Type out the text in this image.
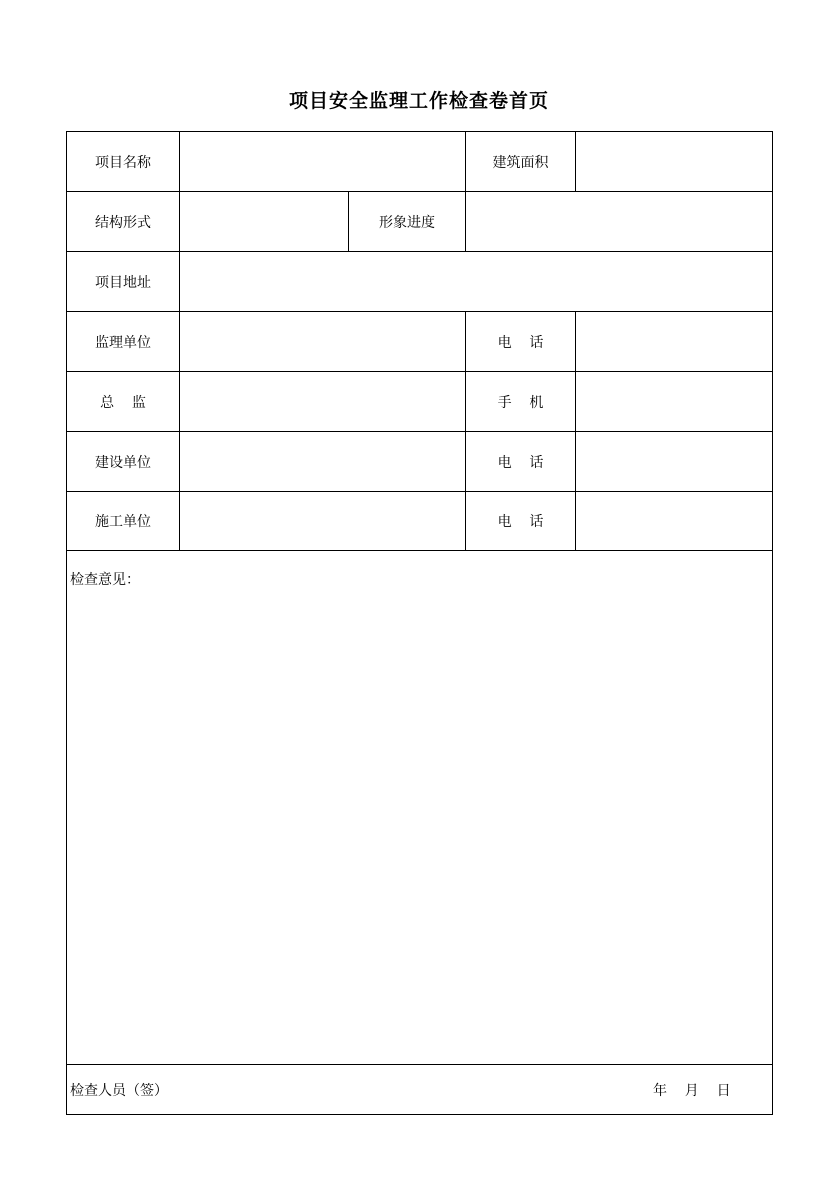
项目安全监理工作检查卷首页
项目名称	建筑面积
结构形式	形象进度
项目地址
监理单位	电    话
总    监	手    机
建设单位	电    话
施工单位	电    话
检查意见：
检查人员（签）	年    月    日
